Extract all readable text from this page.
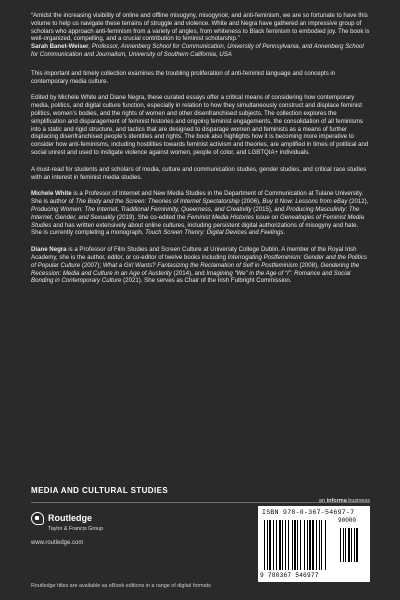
“Amidst the increasing visibility of online and offline misogyny, misogynoir, and anti-feminism, we are so fortunate to have this volume to help us navigate these terrains of struggle and violence. White and Negra have gathered an impressive group of scholars who approach anti-feminism from a variety of angles, from whiteness to Black feminism to embodied joy. The book is well-organized, compelling, and a crucial contribution to feminist scholarship.”
Sarah Banet-Weiser, Professor, Annenberg School for Communication, University of Pennsylvania, and Annenberg School for Communication and Journalism, University of Southern California, USA

This important and timely collection examines the troubling proliferation of anti-feminist language and concepts in contemporary media culture.

Edited by Michele White and Diane Negra, these curated essays offer a critical means of considering how contemporary media, politics, and digital culture function, especially in relation to how they simultaneously construct and displace feminist politics, women’s bodies, and the rights of women and other disenfranchised subjects. The collection explores the simplification and disparagement of feminist histories and ongoing feminist engagements, the consolidation of all feminisms into a static and rigid structure, and tactics that are designed to disparage women and feminists as a means of further displacing disenfranchised people’s identities and rights. The book also highlights how it is becoming more imperative to consider how anti-feminisms, including hostilities towards feminist activism and theories, are amplified in times of political and social unrest and used to instigate violence against women, people of color, and LGBTQIA+ individuals.

A must-read for students and scholars of media, culture and communication studies, gender studies, and critical race studies with an interest in feminist media studies.

Michele White is a Professor of Internet and New Media Studies in the Department of Communication at Tulane University. She is author of The Body and the Screen: Theories of Internet Spectatorship (2006), Buy It Now: Lessons from eBay (2012), Producing Women: The Internet, Traditional Femininity, Queerness, and Creativity (2015), and Producing Masculinity: The Internet, Gender, and Sexuality (2019). She co-edited the Feminist Media Histories issue on Genealogies of Feminist Media Studies and has written extensively about online cultures, including persistent digital authorizations of misogyny and hate. She is currently completing a monograph, Touch Screen Theory: Digital Devices and Feelings.

Diane Negra is a Professor of Film Studies and Screen Culture at University College Dublin. A member of the Royal Irish Academy, she is the author, editor, or co-editor of twelve books including Interrogating Postfeminism: Gender and the Politics of Popular Culture (2007); What a Girl Wants? Fantasizing the Reclamation of Self in Postfeminism (2008), Gendering the Recession: Media and Culture in an Age of Austerity (2014), and Imagining “We” in the Age of “I”: Romance and Social Bonding in Contemporary Culture (2021). She serves as Chair of the Irish Fulbright Commission.

MEDIA AND CULTURAL STUDIES
an informa business
Routledge
Taylor & Francis Group
www.routledge.com
ISBN 978-0-367-54697-7
90000
9 780367 546977
Routledge titles are available as eBook editions in a range of digital formats
